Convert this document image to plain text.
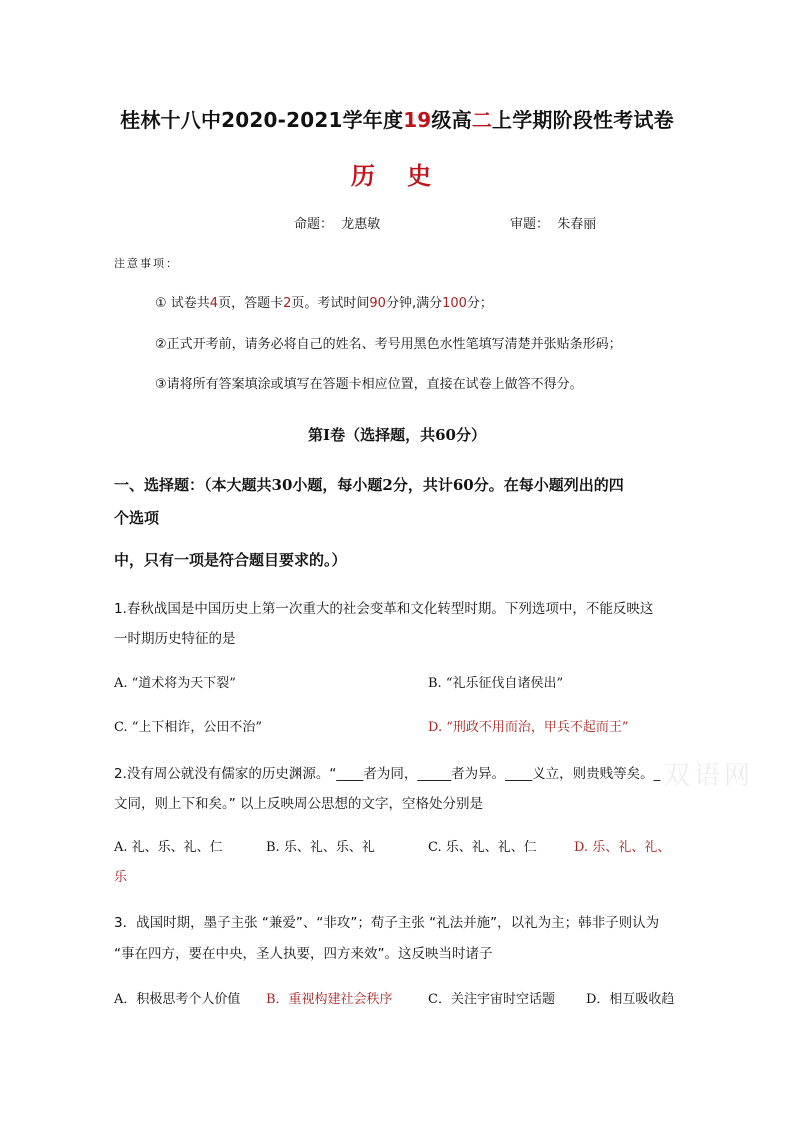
桂林十八中2020-2021学年度19级高二上学期阶段性考试卷
历 史
命题： 龙惠敏	审题： 朱春丽
注意事项：
① 试卷共4页，答题卡2页。考试时间90分钟,满分100分；
②正式开考前，请务必将自己的姓名、考号用黑色水性笔填写清楚并张贴条形码；
③请将所有答案填涂或填写在答题卡相应位置，直接在试卷上做答不得分。
第Ⅰ卷（选择题，共60分）
一、选择题：（本大题共30小题，每小题2分，共计60分。在每小题列出的四
个选项
中，只有一项是符合题目要求的。）
1.春秋战国是中国历史上第一次重大的社会变革和文化转型时期。下列选项中，不能反映这
一时期历史特征的是
A. “道术将为天下裂”	B. “礼乐征伐自诸侯出”
C. “上下相诈，公田不治”	D. “刑政不用而治，甲兵不起而王”
双语网
2.没有周公就没有儒家的历史渊源。“____者为同，_____者为异。____义立，则贵贱等矣。_
文同，则上下和矣。” 以上反映周公思想的文字，空格处分别是
A. 礼、乐、礼、仁	B. 乐、礼、乐、礼	C. 乐、礼、礼、仁	D. 乐、礼、礼、
乐
3．战国时期，墨子主张 “兼爱”、“非攻”；荀子主张 “礼法并施”，以礼为主；韩非子则认为
“事在四方，要在中央，圣人执要，四方来效”。这反映当时诸子
A．积极思考个人价值 B．重视构建社会秩序	C．关注宇宙时空话题 D．相互吸收趋
